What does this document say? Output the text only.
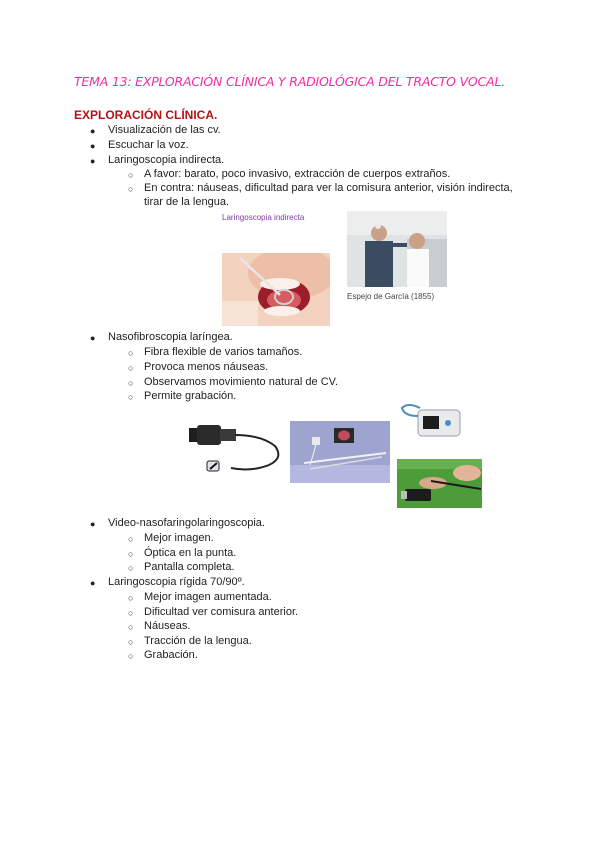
TEMA 13: EXPLORACIÓN CLÍNICA Y RADIOLÓGICA DEL TRACTO VOCAL.
EXPLORACIÓN CLÍNICA.
● Visualización de las cv.
● Escuchar la voz.
● Laringoscopia indirecta.
○ A favor: barato, poco invasivo, extracción de cuerpos extraños.
○ En contra: náuseas, dificultad para ver la comisura anterior, visión indirecta,
tirar de la lengua.
Laringoscopia indirecta
Espejo de García (1855)
● Nasofibroscopia laríngea.
○ Fibra flexible de varios tamaños.
○ Provoca menos náuseas.
○ Observamos movimiento natural de CV.
○ Permite grabación.
● Video-nasofaringolaringoscopia.
○ Mejor imagen.
○ Óptica en la punta.
○ Pantalla completa.
● Laringoscopia rígida 70/90º.
○ Mejor imagen aumentada.
○ Dificultad ver comisura anterior.
○ Náuseas.
○ Tracción de la lengua.
○ Grabación.
